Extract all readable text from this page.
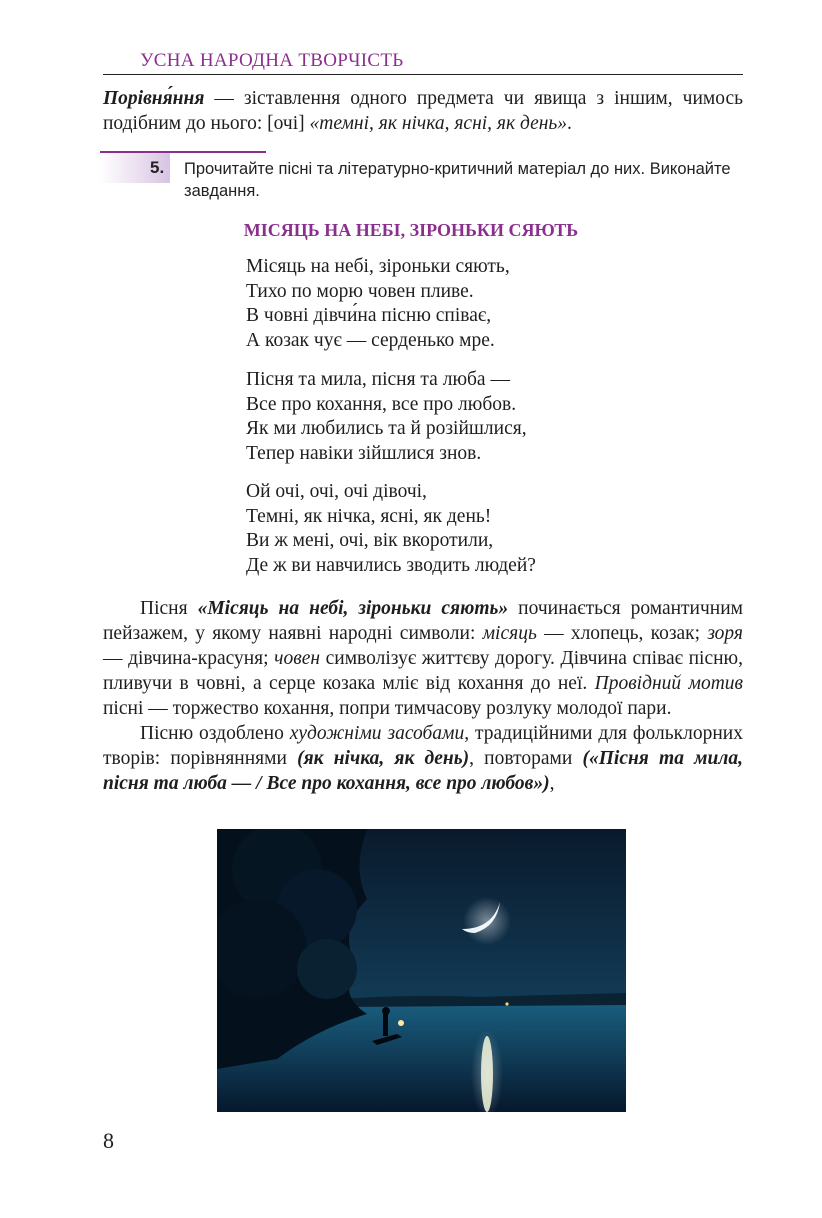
УСНА НАРОДНА ТВОРЧІСТЬ

Порівня́ння — зіставлення одного предмета чи явища з іншим, чимось подібним до нього: [очі] «темні, як нічка, ясні, як день».

5. Прочитайте пісні та літературно-критичний матеріал до них. Виконайте завдання.
МІСЯЦЬ НА НЕБІ, ЗІРОНЬКИ СЯЮТЬ
Місяць на небі, зіроньки сяють,
Тихо по морю човен пливе.
В човні дівчи́на пісню співає,
А козак чує — серденько мре.
Пісня та мила, пісня та люба —
Все про кохання, все про любов.
Як ми любились та й розійшлися,
Тепер навіки зійшлися знов.
Ой очі, очі, очі дівочі,
Темні, як нічка, ясні, як день!
Ви ж мені, очі, вік вкоротили,
Де ж ви навчились зводить людей?

Пісня «Місяць на небі, зіроньки сяють» починається романтичним пейзажем, у якому наявні народні символи: місяць — хлопець, козак; зоря — дівчина-красуня; човен символізує життєву дорогу. Дівчина співає пісню, пливучи в човні, а серце козака мліє від кохання до неї. Провідний мотив пісні — торжество кохання, попри тимчасову розлуку молодої пари.

Пісню оздоблено художніми засобами, традиційними для фольклорних творів: порівняннями (як нічка, як день), повторами («Пісня та мила, пісня та люба — / Все про кохання, все про любов»),

8
